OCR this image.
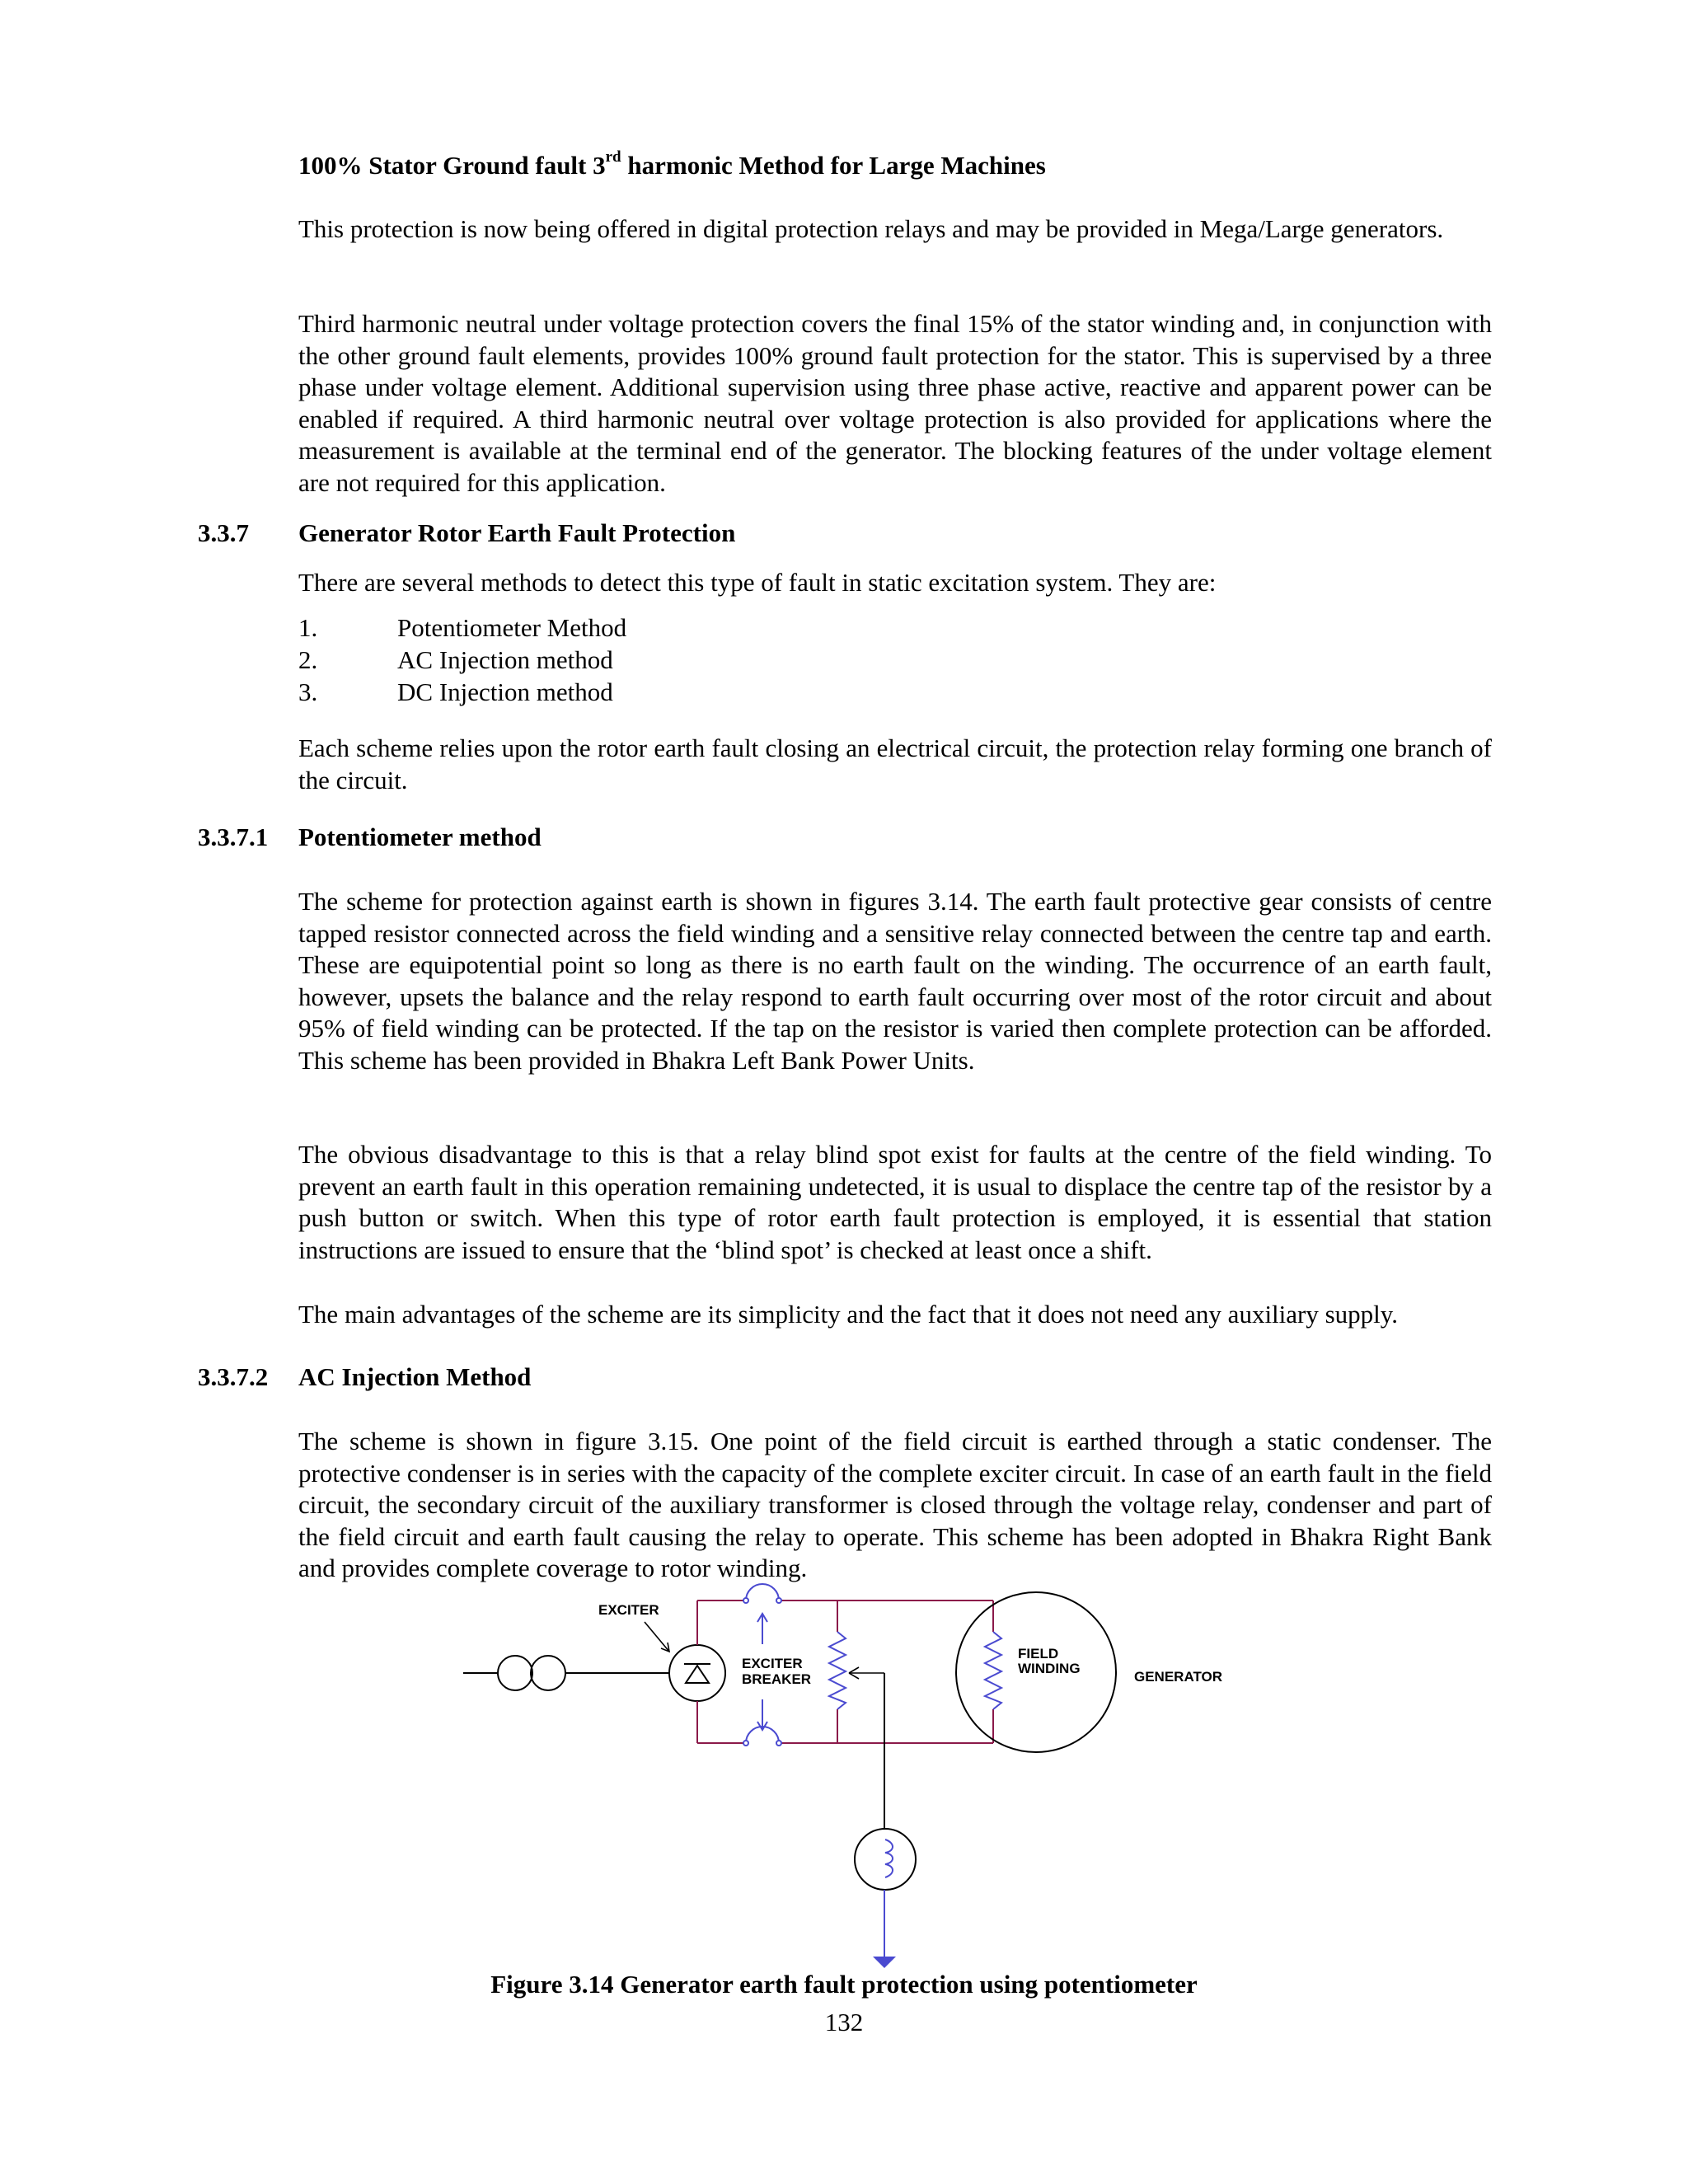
100% Stator Ground fault 3rd harmonic Method for Large Machines
This protection is now being offered in digital protection relays and may be provided in Mega/Large generators.
Third harmonic neutral under voltage protection covers the final 15% of the stator winding and, in conjunction with the other ground fault elements, provides 100% ground fault protection for the stator. This is supervised by a three phase under voltage element. Additional supervision using three phase active, reactive and apparent power can be enabled if required. A third harmonic neutral over voltage protection is also provided for applications where the measurement is available at the terminal end of the generator. The blocking features of the under voltage element are not required for this application.
3.3.7 Generator Rotor Earth Fault Protection
There are several methods to detect this type of fault in static excitation system. They are:
1.	Potentiometer Method
2.	AC Injection method
3.	DC Injection method
Each scheme relies upon the rotor earth fault closing an electrical circuit, the protection relay forming one branch of the circuit.
3.3.7.1 Potentiometer method
The scheme for protection against earth is shown in figures 3.14. The earth fault protective gear consists of centre tapped resistor connected across the field winding and a sensitive relay connected between the centre tap and earth. These are equipotential point so long as there is no earth fault on the winding. The occurrence of an earth fault, however, upsets the balance and the relay respond to earth fault occurring over most of the rotor circuit and about 95% of field winding can be protected. If the tap on the resistor is varied then complete protection can be afforded. This scheme has been provided in Bhakra Left Bank Power Units.
The obvious disadvantage to this is that a relay blind spot exist for faults at the centre of the field winding. To prevent an earth fault in this operation remaining undetected, it is usual to displace the centre tap of the resistor by a push button or switch. When this type of rotor earth fault protection is employed, it is essential that station instructions are issued to ensure that the ‘blind spot’ is checked at least once a shift.
The main advantages of the scheme are its simplicity and the fact that it does not need any auxiliary supply.
3.3.7.2 AC Injection Method
The scheme is shown in figure 3.15. One point of the field circuit is earthed through a static condenser. The protective condenser is in series with the capacity of the complete exciter circuit. In case of an earth fault in the field circuit, the secondary circuit of the auxiliary transformer is closed through the voltage relay, condenser and part of the field circuit and earth fault causing the relay to operate. This scheme has been adopted in Bhakra Right Bank and provides complete coverage to rotor winding.
EXCITER
EXCITER
BREAKER
FIELD
WINDING
GENERATOR
Figure 3.14 Generator earth fault protection using potentiometer
132
